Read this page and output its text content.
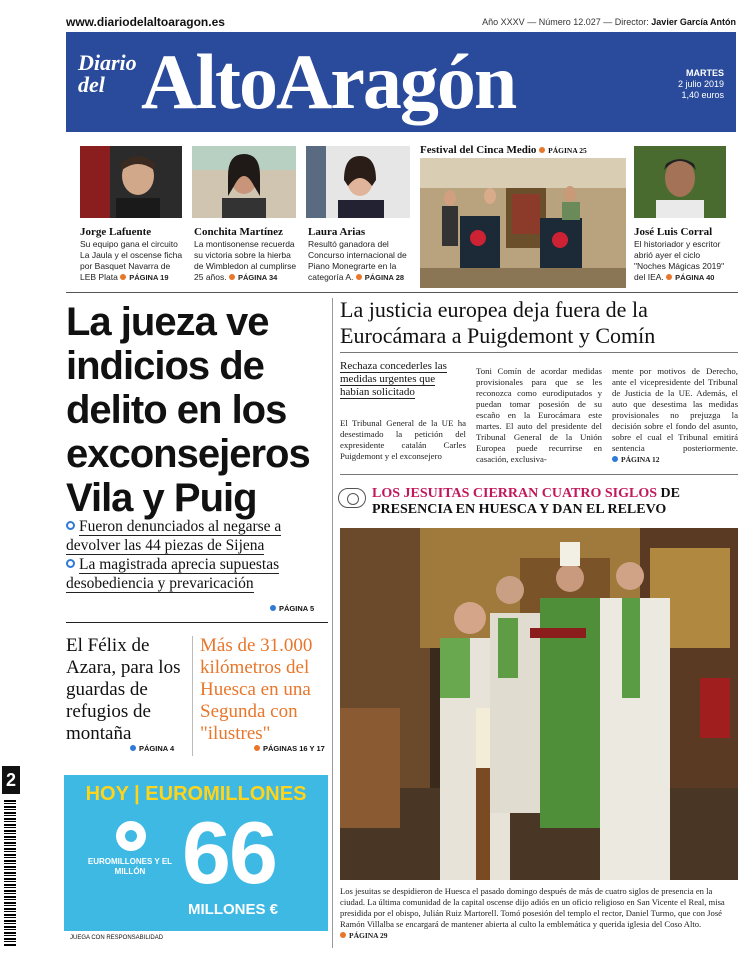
www.diariodelaltoaragon.es	Año XXXV — Número 12.027 — Director: Javier García Antón
Diario
del AltoAragón	MARTES
2 julio 2019
1,40 euros
Jorge Lafuente
Su equipo gana el circuito La Jaula y el oscense ficha por Basquet Navarra de LEB Plata PÁGINA 19
Conchita Martínez
La montisonense recuerda su victoria sobre la hierba de Wimbledon al cumplirse 25 años. PÁGINA 34
Laura Arias
Resultó ganadora del Concurso internacional de Piano Monegrarte en la categoría A. PÁGINA 28
Festival del Cinca Medio PÁGINA 25
José Luis Corral
El historiador y escritor abrió ayer el ciclo "Noches Mágicas 2019" del IEA. PÁGINA 40
La jueza ve indicios de delito en los exconsejeros Vila y Puig
Fueron denunciados al negarse a devolver las 44 piezas de Sijena
La magistrada aprecia supuestas desobediencia y prevaricación
PÁGINA 5
El Félix de Azara, para los guardas de refugios de montaña
PÁGINA 4
Más de 31.000 kilómetros del Huesca en una Segunda con "ilustres"
PÁGINAS 16 Y 17
HOY | EUROMILLONES
EUROMILLONES Y EL MILLÓN 66
MILLONES €
JUEGA CON RESPONSABILIDAD
La justicia europea deja fuera de la Eurocámara a Puigdemont y Comín
Rechaza concederles las medidas urgentes que habían solicitado
El Tribunal General de la UE ha desestimado la petición del expresidente catalán Carles Puigdemont y el exconsejero
Toni Comín de acordar medidas provisionales para que se les reconozca como eurodiputados y puedan tomar posesión de su escaño en la Eurocámara este martes. El auto del presidente del Tribunal General de la Unión Europea puede recurrirse en casación, exclusiva-
mente por motivos de Derecho, ante el vicepresidente del Tribunal de Justicia de la UE. Además, el auto que desestima las medidas provisionales no prejuzga la decisión sobre el fondo del asunto, sobre el cual el Tribunal emitirá sentencia posteriormente. PÁGINA 12
LOS JESUITAS CIERRAN CUATRO SIGLOS DE PRESENCIA EN HUESCA Y DAN EL RELEVO
Los jesuitas se despidieron de Huesca el pasado domingo después de más de cuatro siglos de presencia en la ciudad. La última comunidad de la capital oscense dijo adiós en un oficio religioso en San Vicente el Real, misa presidida por el obispo, Julián Ruiz Martorell. Tomó posesión del templo el rector, Daniel Turmo, que con José Ramón Villalba se encargará de mantener abierta al culto la emblemática y querida iglesia del Coso Alto. PÁGINA 29
2
